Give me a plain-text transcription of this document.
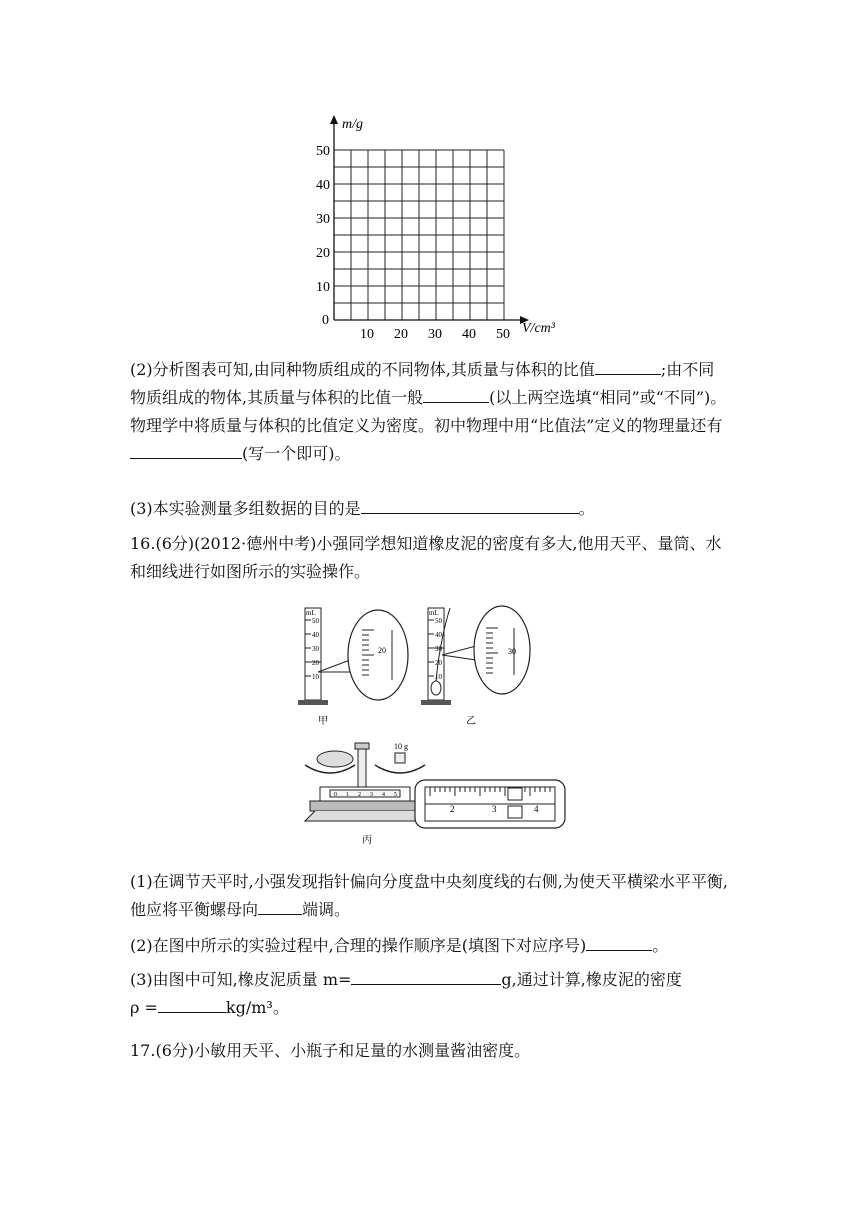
m/g
V/cm³
0
10
20
30
40
50
10 20 30 40 50
(2)分析图表可知,由同种物质组成的不同物体,其质量与体积的比值	;由不同物质组成的物体,其质量与体积的比值一般	(以上两空选填“相同”或“不同”)。物理学中将质量与体积的比值定义为密度。初中物理中用“比值法”定义的物理量还有(写一个即可)。
(3)本实验测量多组数据的目的是	。
16.(6分)(2012·德州中考)小强同学想知道橡皮泥的密度有多大,他用天平、量筒、水和细线进行如图所示的实验操作。
mL
50
40
30
20
10
20
甲
mL
50
40
30
20
10
30
乙
10 g
0 1 2 3 4 5
2	3	4
丙
(1)在调节天平时,小强发现指针偏向分度盘中央刻度线的右侧,为使天平横梁水平平衡,他应将平衡螺母向	端调。
(2)在图中所示的实验过程中,合理的操作顺序是(填图下对应序号)	。
(3)由图中可知,橡皮泥质量 m=	g,通过计算,橡皮泥的密度
ρ =	kg/m³。
17.(6分)小敏用天平、小瓶子和足量的水测量酱油密度。
